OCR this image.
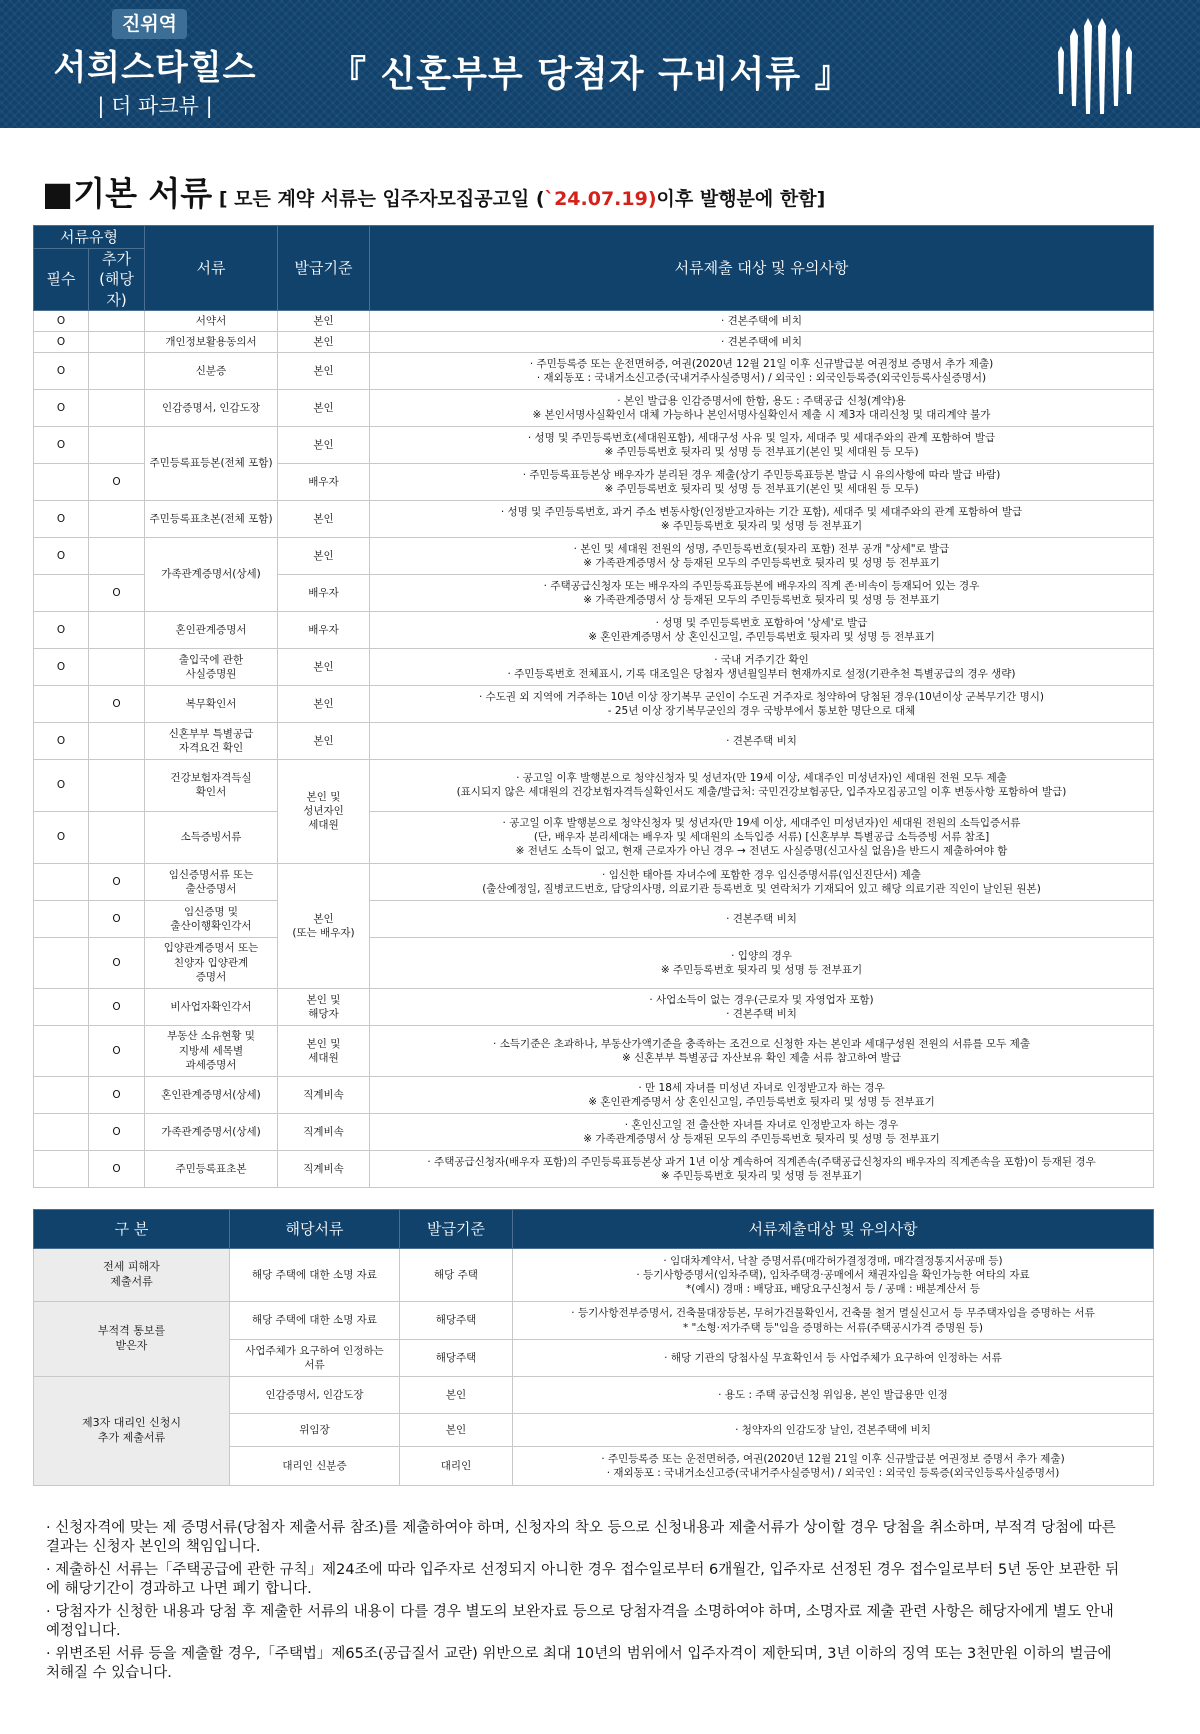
진위역
서희스타힐스
| 더 파크뷰 |
『 신혼부부 당첨자 구비서류 』
■기본 서류 [ 모든 계약 서류는 입주자모집공고일 (`24.07.19)이후 발행분에 한함]
서류유형		서류	발급기준	서류제출 대상 및 유의사항
필수	추가
(해당자)			
O		서약서	본인	· 견본주택에 비치
O		개인정보활용동의서	본인	· 견본주택에 비치
O		신분증	본인	· 주민등록증 또는 운전면허증, 여권(2020년 12월 21일 이후 신규발급분 여권정보 증명서 추가 제출)
· 재외동포 : 국내거소신고증(국내거주사실증명서) / 외국인 : 외국인등록증(외국인등록사실증명서)
O		인감증명서, 인감도장	본인	· 본인 발급용 인감증명서에 한함, 용도 : 주택공급 신청(계약)용
※ 본인서명사실확인서 대체 가능하나 본인서명사실확인서 제출 시 제3자 대리신청 및 대리계약 불가
O		주민등록표등본(전체 포함)	본인	· 성명 및 주민등록번호(세대원포함), 세대구성 사유 및 일자, 세대주 및 세대주와의 관계 포함하여 발급
※ 주민등록번호 뒷자리 및 성명 등 전부표기(본인 및 세대원 등 모두)
	O		배우자	· 주민등록표등본상 배우자가 분리된 경우 제출(상기 주민등록표등본 발급 시 유의사항에 따라 발급 바람)
※ 주민등록번호 뒷자리 및 성명 등 전부표기(본인 및 세대원 등 모두)
O		주민등록표초본(전체 포함)	본인	· 성명 및 주민등록번호, 과거 주소 변동사항(인정받고자하는 기간 포함), 세대주 및 세대주와의 관계 포함하여 발급
※ 주민등록번호 뒷자리 및 성명 등 전부표기
O		가족관계증명서(상세)	본인	· 본인 및 세대원 전원의 성명, 주민등록번호(뒷자리 포함) 전부 공개 "상세"로 발급
※ 가족관계증명서 상 등재된 모두의 주민등록번호 뒷자리 및 성명 등 전부표기
	O		배우자	· 주택공급신청자 또는 배우자의 주민등록표등본에 배우자의 직계 존·비속이 등재되어 있는 경우
※ 가족관계증명서 상 등재된 모두의 주민등록번호 뒷자리 및 성명 등 전부표기
O		혼인관계증명서	배우자	· 성명 및 주민등록번호 포함하여 '상세'로 발급
※ 혼인관계증명서 상 혼인신고일, 주민등록번호 뒷자리 및 성명 등 전부표기
O		출입국에 관한
사실증명원	본인	· 국내 거주기간 확인
· 주민등록번호 전체표시, 기록 대조일은 당첨자 생년월일부터 현재까지로 설정(기관추천 특별공급의 경우 생략)
	O	복무확인서	본인	· 수도권 외 지역에 거주하는 10년 이상 장기복무 군인이 수도권 거주자로 청약하여 당첨된 경우(10년이상 군복무기간 명시)
- 25년 이상 장기복무군인의 경우 국방부에서 통보한 명단으로 대체
O		신혼부부 특별공급
자격요건 확인	본인	· 견본주택 비치
O		건강보험자격득실
확인서	본인 및
성년자인
세대원	· 공고일 이후 발행분으로 청약신청자 및 성년자(만 19세 이상, 세대주인 미성년자)인 세대원 전원 모두 제출
(표시되지 않은 세대원의 건강보험자격득실확인서도 제출/발급처: 국민건강보험공단, 입주자모집공고일 이후 변동사항 포함하여 발급)
O		소득증빙서류		· 공고일 이후 발행분으로 청약신청자 및 성년자(만 19세 이상, 세대주인 미성년자)인 세대원 전원의 소득입증서류
(단, 배우자 분리세대는 배우자 및 세대원의 소득입증 서류) [신혼부부 특별공급 소득증빙 서류 참조]
※ 전년도 소득이 없고, 현재 근로자가 아닌 경우 → 전년도 사실증명(신고사실 없음)을 반드시 제출하여야 함
	O	임신증명서류 또는
출산증명서	본인
(또는 배우자)	· 임신한 태아를 자녀수에 포함한 경우 임신증명서류(임신진단서) 제출
(출산예정일, 질병코드번호, 담당의사명, 의료기관 등록번호 및 연락처가 기재되어 있고 해당 의료기관 직인이 날인된 원본)
	O	임신증명 및
출산이행확인각서		· 견본주택 비치
	O	입양관계증명서 또는
친양자 입양관계
증명서		· 입양의 경우
※ 주민등록번호 뒷자리 및 성명 등 전부표기
	O	비사업자확인각서	본인 및
해당자	· 사업소득이 없는 경우(근로자 및 자영업자 포함)
· 견본주택 비치
	O	부동산 소유현황 및
지방세 세목별
과세증명서	본인 및
세대원	· 소득기준은 초과하나, 부동산가액기준을 충족하는 조건으로 신청한 자는 본인과 세대구성원 전원의 서류를 모두 제출
※ 신혼부부 특별공급 자산보유 확인 제출 서류 참고하여 발급
	O	혼인관계증명서(상세)	직계비속	· 만 18세 자녀를 미성년 자녀로 인정받고자 하는 경우
※ 혼인관계증명서 상 혼인신고일, 주민등록번호 뒷자리 및 성명 등 전부표기
	O	가족관계증명서(상세)	직계비속	· 혼인신고일 전 출산한 자녀를 자녀로 인정받고자 하는 경우
※ 가족관계증명서 상 등재된 모두의 주민등록번호 뒷자리 및 성명 등 전부표기
	O	주민등록표초본	직계비속	· 주택공급신청자(배우자 포함)의 주민등록표등본상 과거 1년 이상 계속하여 직계존속(주택공급신청자의 배우자의 직계존속을 포함)이 등재된 경우
※ 주민등록번호 뒷자리 및 성명 등 전부표기
구 분	해당서류	발급기준	서류제출대상 및 유의사항
전세 피해자
제출서류	해당 주택에 대한 소명 자료	해당 주택	· 임대차계약서, 낙찰 증명서류(매각허가결정경매, 매각결정통지서공매 등)
· 등기사항증명서(임차주택), 임차주택경·공매에서 채권자임을 확인가능한 여타의 자료
*(예시) 경매 : 배당표, 배당요구신청서 등 / 공매 : 배분계산서 등
부적격 통보를
받은자	해당 주택에 대한 소명 자료	해당주택	· 등기사항전부증명서, 건축물대장등본, 무허가건물확인서, 건축물 철거 멸실신고서 등 무주택자임을 증명하는 서류
* "소형·저가주택 등"임을 증명하는 서류(주택공시가격 증명원 등)
	사업주체가 요구하여 인정하는
서류	해당주택	· 해당 기관의 당첨사실 무효확인서 등 사업주체가 요구하여 인정하는 서류
제3자 대리인 신청시
추가 제출서류	인감증명서, 인감도장	본인	· 용도 : 주택 공급신청 위임용, 본인 발급용만 인정
	위임장	본인	· 청약자의 인감도장 날인, 견본주택에 비치
	대리인 신분증	대리인	· 주민등록증 또는 운전면허증, 여권(2020년 12월 21일 이후 신규발급분 여권정보 증명서 추가 제출)
· 재외동포 : 국내거소신고증(국내거주사실증명서) / 외국인 : 외국인 등록증(외국인등록사실증명서)

· 신청자격에 맞는 제 증명서류(당첨자 제출서류 참조)를 제출하여야 하며, 신청자의 착오 등으로 신청내용과 제출서류가 상이할 경우 당첨을 취소하며, 부적격 당첨에 따른 결과는 신청자 본인의 책임입니다.

· 제출하신 서류는「주택공급에 관한 규칙」제24조에 따라 입주자로 선정되지 아니한 경우 접수일로부터 6개월간, 입주자로 선정된 경우 접수일로부터 5년 동안 보관한 뒤에 해당기간이 경과하고 나면 폐기 합니다.

· 당첨자가 신청한 내용과 당첨 후 제출한 서류의 내용이 다를 경우 별도의 보완자료 등으로 당첨자격을 소명하여야 하며, 소명자료 제출 관련 사항은 해당자에게 별도 안내 예정입니다.

· 위변조된 서류 등을 제출할 경우,「주택법」제65조(공급질서 교란) 위반으로 최대 10년의 범위에서 입주자격이 제한되며, 3년 이하의 징역 또는 3천만원 이하의 벌금에 처해질 수 있습니다.
